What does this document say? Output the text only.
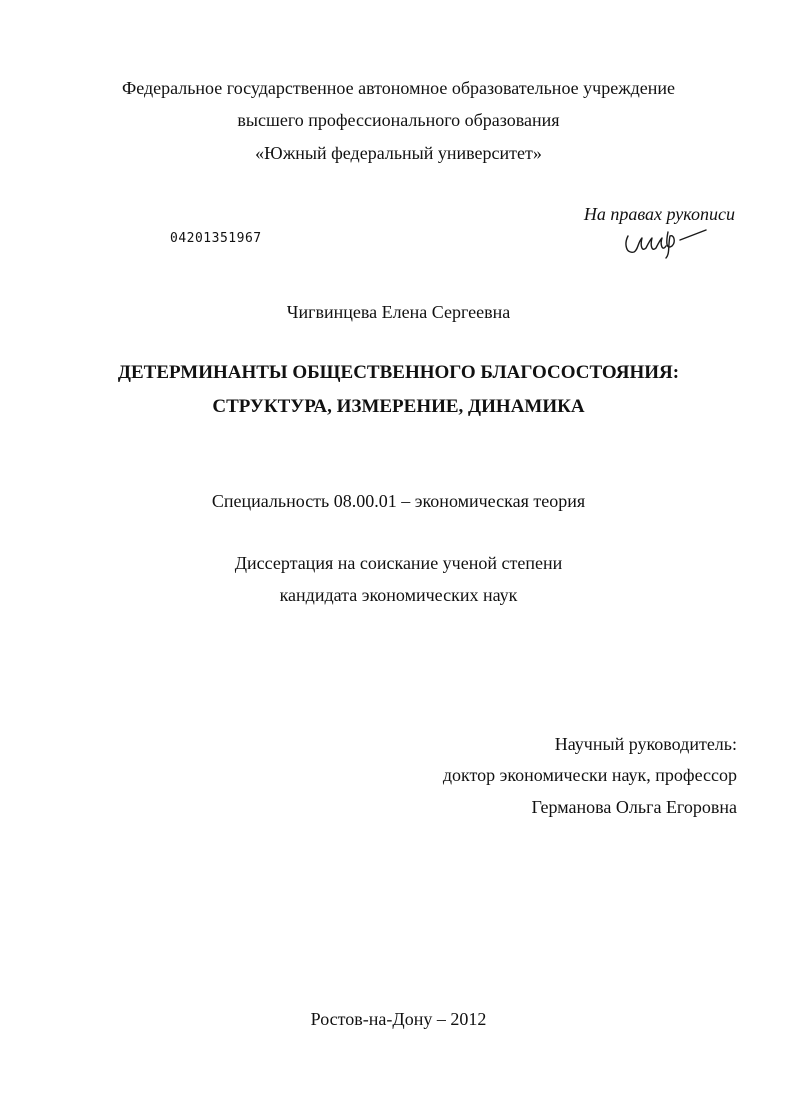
Федеральное государственное автономное образовательное учреждение
высшего профессионального образования
«Южный федеральный университет»
04201351967
На правах рукописи
Чигвинцева Елена Сергеевна
ДЕТЕРМИНАНТЫ ОБЩЕСТВЕННОГО БЛАГОСОСТОЯНИЯ:
СТРУКТУРА, ИЗМЕРЕНИЕ, ДИНАМИКА
Специальность 08.00.01 – экономическая теория
Диссертация на соискание ученой степени
кандидата экономических наук
Научный руководитель:
доктор экономически наук, профессор
Германова Ольга Егоровна
Ростов-на-Дону – 2012
